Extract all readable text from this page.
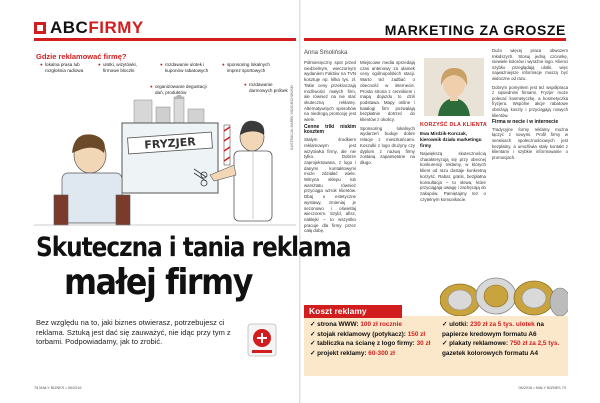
ABCFIRMY	MARKETING ZA GROSZE
Gdzie reklamować firmę?
● lokalna prasa lub rozgłośnia radiowa
● ulotki, wizytówki, firmowe bloczki
● rozdawanie ulotek i kuponów rabatowych
● sponsoring lokalnych imprez sportowych
● rozdawanie darmowych próbek
● organizowanie degustacji dań, produktów
FRYZJER	ILUSTRACJA: MAREK WOJCIECHOWSKI
Skuteczna i tania reklama
małej firmy
Bez względu na to, jaki biznes otwierasz, potrzebujesz ci reklama. Sztuką jest dać się zauważyć, nie idąc przy tym z torbami. Podpowiadamy, jak to zrobić.
Anna Smolińska

Półmiesięczny spot przed niedzielnym, wieczornym wydaniem Faktów na TVN kosztuje np. kilka tys. zł. Takie ceny przekraczają możliwości małych firm, ale również na nie stać skuteczną reklamę. Alternatywnych sposobów na niedrogą promocję jest wiele.

Cenne triki niskim kosztem

Stałym środkiem reklamowym jest wizytówka firmy, ale nie tylko. Dobrze zaprojektowana, z logo i danymi kontaktowymi może zdziałać wiele. Witryna sklepu lub warsztatu również przyciąga wzrok klientów. Dbaj o estetyczne wystawy, zmieniaj je sezonowo i oświetlaj wieczorem. Szyld, afisz, naklejki – to wszystko pracuje dla firmy przez całą dobę.

Miejscowe media sprzedają czas antenowy za ułamek ceny ogólnopolskich stacji. Warto też zadbać o obecność w internecie. Prosta strona z cennikiem i mapą dojazdu to dziś podstawa. Mapy online i katalogi firm pozwalają bezpłatnie dotrzeć do klientów z okolicy.

Sponsoring lokalnych wydarzeń buduje dobre relacje z mieszkańcami. Koszulki z logo drużyny czy dyplom z nazwą firmy zostaną zapamiętane na długo.

KORZYŚĆ DLA KLIENTA
Ewa Mirdzik-Korczak, kierownik działu marketingu firmy
Największą skutecznością charakteryzują się przy obecnej konkurencji reklamy, w których klient od razu dostaje konkretną korzyść. Rabat, gratis, bezpłatna konsultacja – to słowa, które przyciągają uwagę i zachęcają do zakupów. Pamiętajmy też o czytelnym komunikacie.

Dużo więcej praca obwozem młodszych. Stosuj jedną czcionkę, niewiele kolorów i wyraźne logo. Klienci szybko przeglądają ulotki, więc najważniejsze informacje muszą być widoczne od razu.

Dobrym pomysłem jest też współpraca z sąsiednimi firmami. Fryzjer może polecać kosmetyczkę, a kosmetyczka fryzjera. Wspólne akcje rabatowe obniżają koszty i przyciągają nowych klientów.

Firma w necie i w internecie

Tradycyjne formy reklamy można łączyć z nowymi. Profil firmy w serwisach społecznościowych jest bezpłatny, a umożliwia stały kontakt z klientami i szybkie informowanie o promocjach.

Koszt reklamy
✓ strona WWW: 100 zł rocznie
✓ stojak reklamowy (potykacz): 150 zł
✓ tabliczka na ścianę z logo firmy: 30 zł
✓ projekt reklamy: 60-300 zł
✓ ulotki: 230 zł za 5 tys. ulotek na papierze kredowym formatu A6
✓ plakaty reklamowe: 750 zł za 2,5 tys. gazetek kolorowych formatu A4
78 MAŁY BIZNES • 06/2016	06/2016 • MAŁY BIZNES 79
